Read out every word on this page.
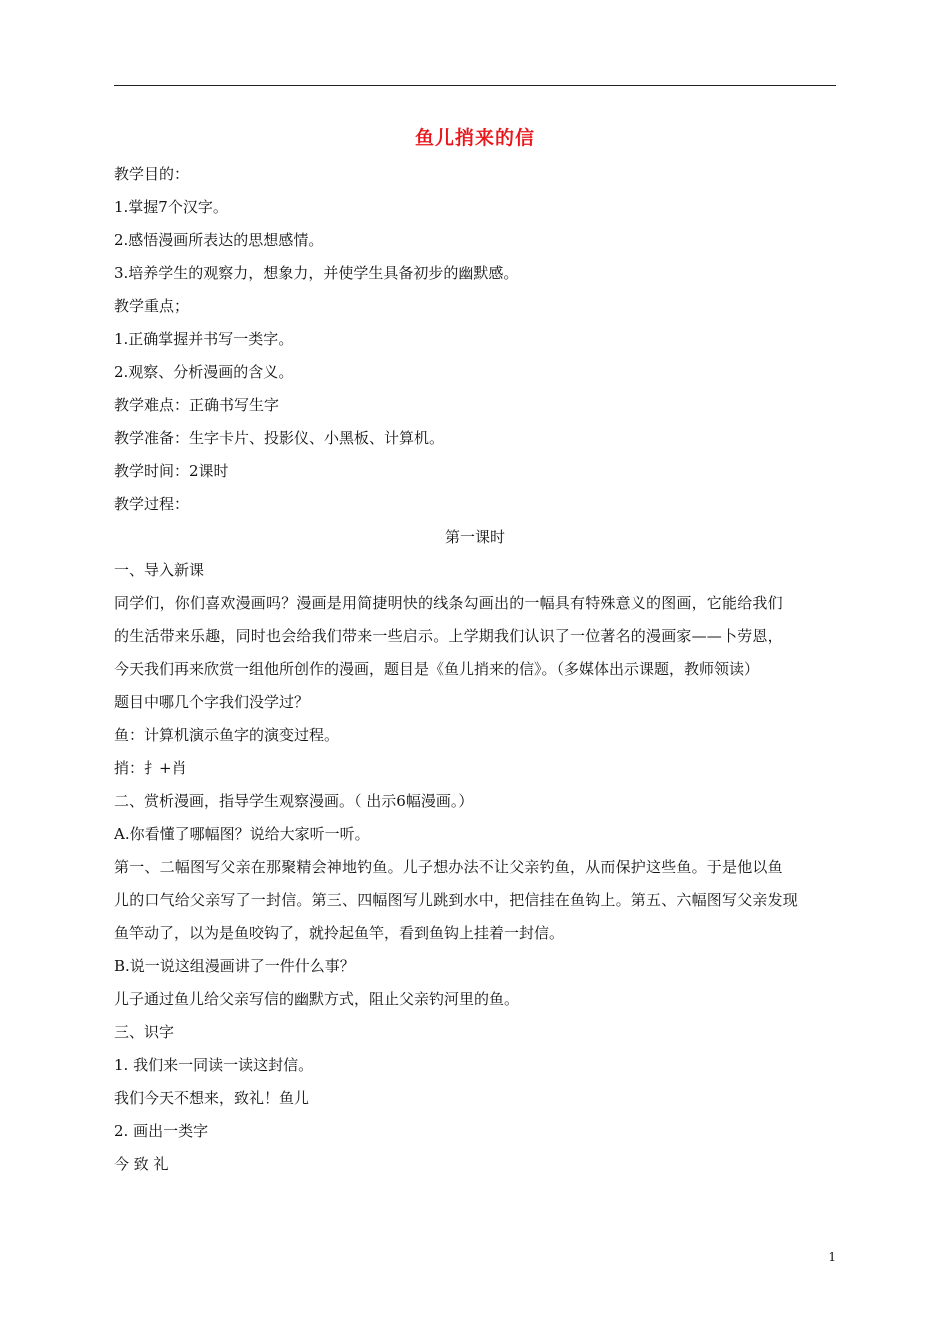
鱼儿捎来的信
教学目的：
1.掌握7个汉字。
2.感悟漫画所表达的思想感情。
3.培养学生的观察力，想象力，并使学生具备初步的幽默感。
教学重点；
1.正确掌握并书写一类字。
2.观察、分析漫画的含义。
教学难点：正确书写生字
教学准备：生字卡片、投影仪、小黑板、计算机。
教学时间：2课时
教学过程：
第一课时
一、导入新课
同学们，你们喜欢漫画吗？漫画是用简捷明快的线条勾画出的一幅具有特殊意义的图画，它能给我们
的生活带来乐趣，同时也会给我们带来一些启示。上学期我们认识了一位著名的漫画家——卜劳恩，
今天我们再来欣赏一组他所创作的漫画，题目是《鱼儿捎来的信》。（多媒体出示课题，教师领读）
题目中哪几个字我们没学过？
鱼：计算机演示鱼字的演变过程。
捎：扌+肖
二、赏析漫画，指导学生观察漫画。（ 出示6幅漫画。）
A.你看懂了哪幅图？说给大家听一听。
第一、二幅图写父亲在那聚精会神地钓鱼。儿子想办法不让父亲钓鱼，从而保护这些鱼。于是他以鱼
儿的口气给父亲写了一封信。第三、四幅图写儿跳到水中，把信挂在鱼钩上。第五、六幅图写父亲发现
鱼竿动了，以为是鱼咬钩了，就拎起鱼竿，看到鱼钩上挂着一封信。
B.说一说这组漫画讲了一件什么事？
儿子通过鱼儿给父亲写信的幽默方式，阻止父亲钓河里的鱼。
三、识字
1. 我们来一同读一读这封信。
我们今天不想来，致礼！鱼儿
2. 画出一类字
今 致 礼
1
